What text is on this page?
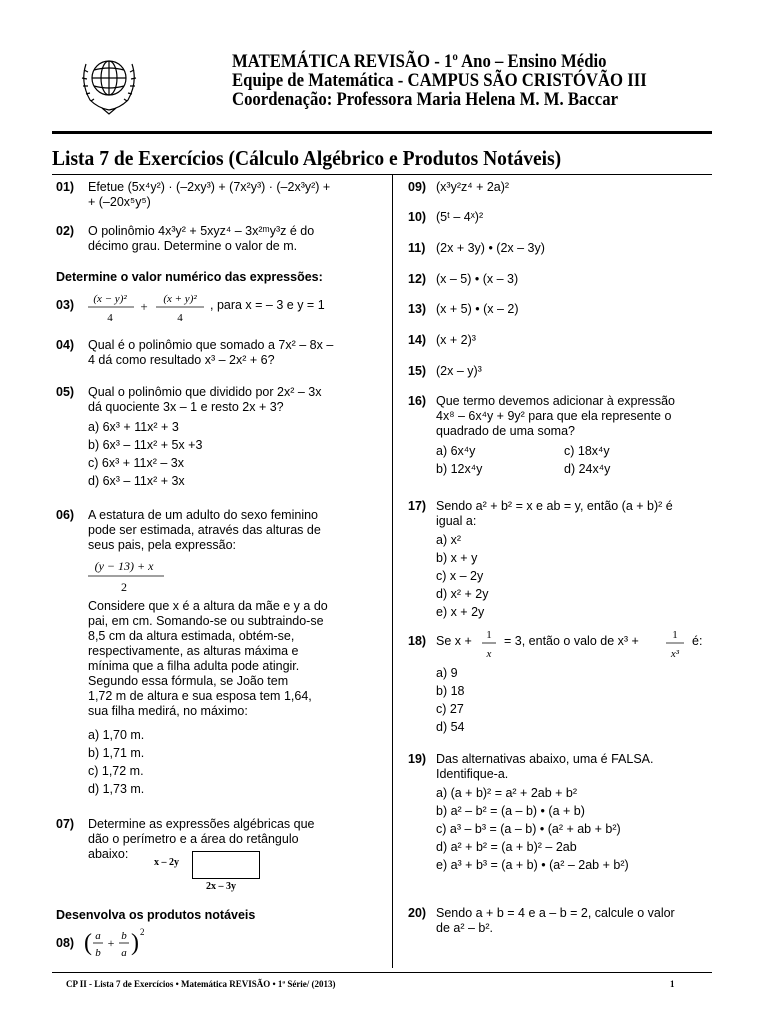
MATEMÁTICA REVISÃO - 1º Ano – Ensino Médio
Equipe de Matemática - CAMPUS SÃO CRISTÓVÃO III
Coordenação: Professora Maria Helena M. M. Baccar
Lista 7 de Exercícios (Cálculo Algébrico e Produtos Notáveis)
01) Efetue (5x⁴y²) · (–2xy³) + (7x²y³) · (–2x³y²) +
+ (–20x⁵y⁵)
02) O polinômio 4x³y² + 5xyz⁴ – 3x²ᵐy³z é do
décimo grau. Determine o valor de m.
Determine o valor numérico das expressões:
03) (x − y)²
4
+ (x + y)²
4
, para x = – 3 e y = 1
04) Qual é o polinômio que somado a 7x² – 8x –
4 dá como resultado x³ – 2x² + 6?
05) Qual o polinômio que dividido por 2x² – 3x
dá quociente 3x – 1 e resto 2x + 3?
a) 6x³ + 11x² + 3
b) 6x³ – 11x² + 5x +3
c) 6x³ + 11x² – 3x
d) 6x³ – 11x² + 3x
06) A estatura de um adulto do sexo feminino
pode ser estimada, através das alturas de
seus pais, pela expressão:
(y − 13) + x
2
Considere que x é a altura da mãe e y a do
pai, em cm. Somando-se ou subtraindo-se
8,5 cm da altura estimada, obtém-se,
respectivamente, as alturas máxima e
mínima que a filha adulta pode atingir.
Segundo essa fórmula, se João tem
1,72 m de altura e sua esposa tem 1,64,
sua filha medirá, no máximo:
a) 1,70 m.
b) 1,71 m.
c) 1,72 m.
d) 1,73 m.
07) Determine as expressões algébricas que
dão o perímetro e a área do retângulo
abaixo:
x – 2y
2x – 3y
Desenvolva os produtos notáveis
08) ( a
b
+ b
a ) 2
09) (x³y²z⁴ + 2a)²
10) (5ᵗ – 4ˣ)²
11) (2x + 3y) • (2x – 3y)
12) (x – 5) • (x – 3)
13) (x + 5) • (x – 2)
14) (x + 2)³
15) (2x – y)³
16) Que termo devemos adicionar à expressão
4x⁸ – 6x⁴y + 9y² para que ela represente o
quadrado de uma soma?
a) 6x⁴y	c) 18x⁴y
b) 12x⁴y	d) 24x⁴y
17) Sendo a² + b² = x e ab = y, então (a + b)² é
igual a:
a) x²
b) x + y
c) x – 2y
d) x² + 2y
e) x + 2y
18) Se x + 1
x
= 3, então o valo de x³ +	1
x³
é:
a) 9
b) 18
c) 27
d) 54
19) Das alternativas abaixo, uma é FALSA.
Identifique-a.
a) (a + b)² = a² + 2ab + b²
b) a² – b² = (a – b) • (a + b)
c) a³ – b³ = (a – b) • (a² + ab + b²)
d) a² + b² = (a + b)² – 2ab
e) a³ + b³ = (a + b) • (a² – 2ab + b²)
20) Sendo a + b = 4 e a – b = 2, calcule o valor
de a² – b².
CP II - Lista 7 de Exercícios • Matemática REVISÃO • 1ª Série/ (2013)	1
